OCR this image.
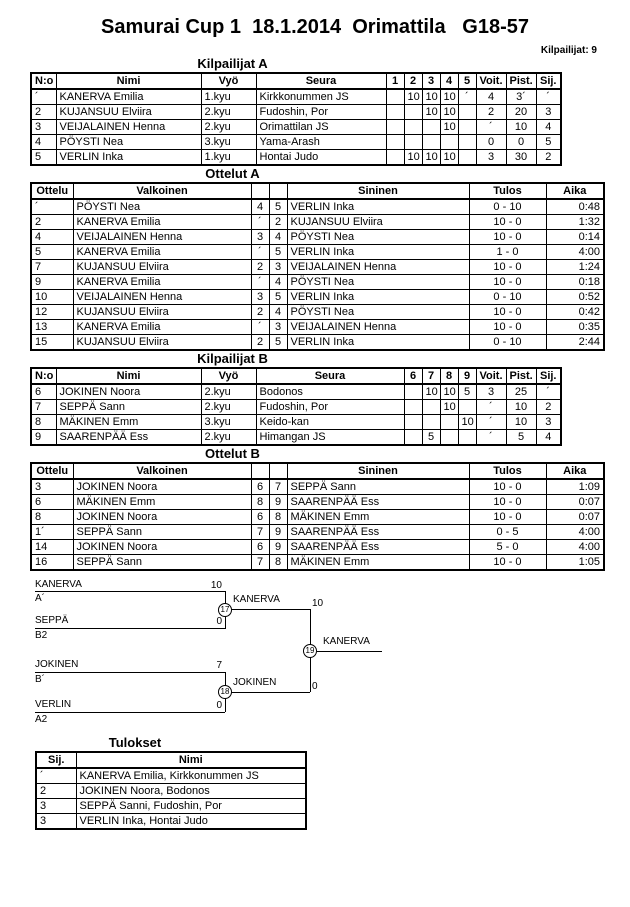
Samurai Cup 1  18.1.2014  Orimattila   G18-57
Kilpailijat: 9
Kilpailijat A
N:o	Nimi	Vyö	Seura	1	2	3	4	5	Voit.	Pist.	Sij.
´	KANERVA Emilia	1.kyu	Kirkkonummen JS		10	10	10	´	4	3´	´
2	KUJANSUU Elviira	2.kyu	Fudoshin, Por			10	10		2	20	3
3	VEIJALAINEN Henna	2.kyu	Orimattilan JS				10		´	10	4
4	PÖYSTI Nea	3.kyu	Yama-Arash						0	0	5
5	VERLIN Inka	1.kyu	Hontai Judo		10	10	10		3	30	2
Ottelut A
Ottelu	Valkoinen			Sininen	Tulos	Aika
´	PÖYSTI Nea	4	5	VERLIN Inka	0 - 10	0:48
2	KANERVA Emilia	´	2	KUJANSUU Elviira	10 - 0	1:32
4	VEIJALAINEN Henna	3	4	PÖYSTI Nea	10 - 0	0:14
5	KANERVA Emilia	´	5	VERLIN Inka	1 - 0	4:00
7	KUJANSUU Elviira	2	3	VEIJALAINEN Henna	10 - 0	1:24
9	KANERVA Emilia	´	4	PÖYSTI Nea	10 - 0	0:18
10	VEIJALAINEN Henna	3	5	VERLIN Inka	0 - 10	0:52
12	KUJANSUU Elviira	2	4	PÖYSTI Nea	10 - 0	0:42
13	KANERVA Emilia	´	3	VEIJALAINEN Henna	10 - 0	0:35
15	KUJANSUU Elviira	2	5	VERLIN Inka	0 - 10	2:44
Kilpailijat B
N:o	Nimi	Vyö	Seura	6	7	8	9	Voit.	Pist.	Sij.
6	JOKINEN Noora	2.kyu	Bodonos		10	10	5	3	25	´
7	SEPPÄ Sann	2.kyu	Fudoshin, Por			10		´	10	2
8	MÄKINEN Emm	3.kyu	Keido-kan				10	´	10	3
9	SAARENPÄÄ Ess	2.kyu	Himangan JS		5			´	5	4
Ottelut B
Ottelu	Valkoinen			Sininen	Tulos	Aika
3	JOKINEN Noora	6	7	SEPPÄ Sann	10 - 0	1:09
6	MÄKINEN Emm	8	9	SAARENPÄÄ Ess	10 - 0	0:07
8	JOKINEN Noora	6	8	MÄKINEN Emm	10 - 0	0:07
1´	SEPPÄ Sann	7	9	SAARENPÄÄ Ess	0 - 5	4:00
14	JOKINEN Noora	6	9	SAARENPÄÄ Ess	5 - 0	4:00
16	SEPPÄ Sann	7	8	MÄKINEN Emm	10 - 0	1:05
KANERVA	10
A´
SEPPÄ	0
B2
KANERVA	10
17
19
KANERVA
JOKINEN	7
B´
VERLIN	0
A2
JOKINEN	0
18
Tulokset
Sij.	Nimi
´	KANERVA Emilia, Kirkkonummen JS
2	JOKINEN Noora, Bodonos
3	SEPPÄ Sanni, Fudoshin, Por
3	VERLIN Inka, Hontai Judo
